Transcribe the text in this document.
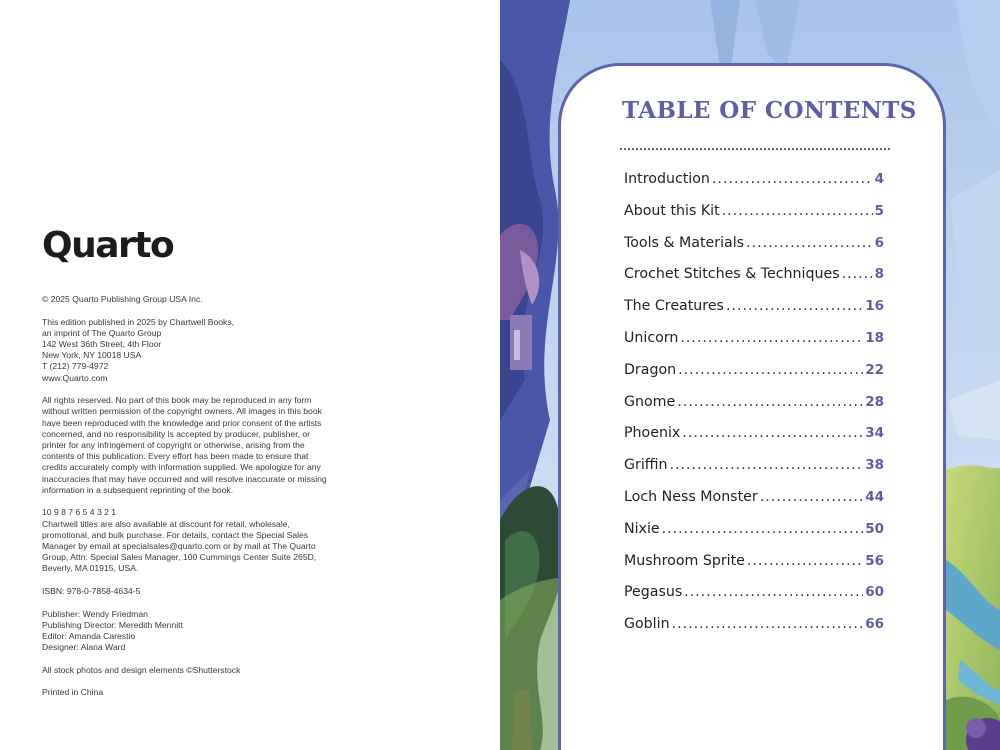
Quarto

© 2025 Quarto Publishing Group USA Inc.

This edition published in 2025 by Chartwell Books,
an imprint of The Quarto Group
142 West 36th Street, 4th Floor
New York, NY 10018 USA
T (212) 779-4972
www.Quarto.com

All rights reserved. No part of this book may be reproduced in any form
without written permission of the copyright owners. All images in this book
have been reproduced with the knowledge and prior consent of the artists
concerned, and no responsibility is accepted by producer, publisher, or
printer for any infringement of copyright or otherwise, arising from the
contents of this publication. Every effort has been made to ensure that
credits accurately comply with information supplied. We apologize for any
inaccuracies that may have occurred and will resolve inaccurate or missing
information in a subsequent reprinting of the book.

10 9 8 7 6 5 4 3 2 1
Chartwell titles are also available at discount for retail, wholesale,
promotional, and bulk purchase. For details, contact the Special Sales
Manager by email at specialsales@quarto.com or by mail at The Quarto
Group, Attn: Special Sales Manager, 100 Cummings Center Suite 265D,
Beverly, MA 01915, USA.

ISBN: 978-0-7858-4634-5

Publisher: Wendy Friedman
Publishing Director: Meredith Mennitt
Editor: Amanda Carestio
Designer: Alana Ward

All stock photos and design elements ©Shutterstock

Printed in China

TABLE OF CONTENTS
Introduction .....	4
About this Kit .....	5
Tools & Materials .....	6
Crochet Stitches & Techniques .....	8
The Creatures .....	16
Unicorn .....	18
Dragon .....	22
Gnome .....	28
Phoenix .....	34
Griffin .....	38
Loch Ness Monster .....	44
Nixie .....	50
Mushroom Sprite .....	56
Pegasus .....	60
Goblin .....	66
